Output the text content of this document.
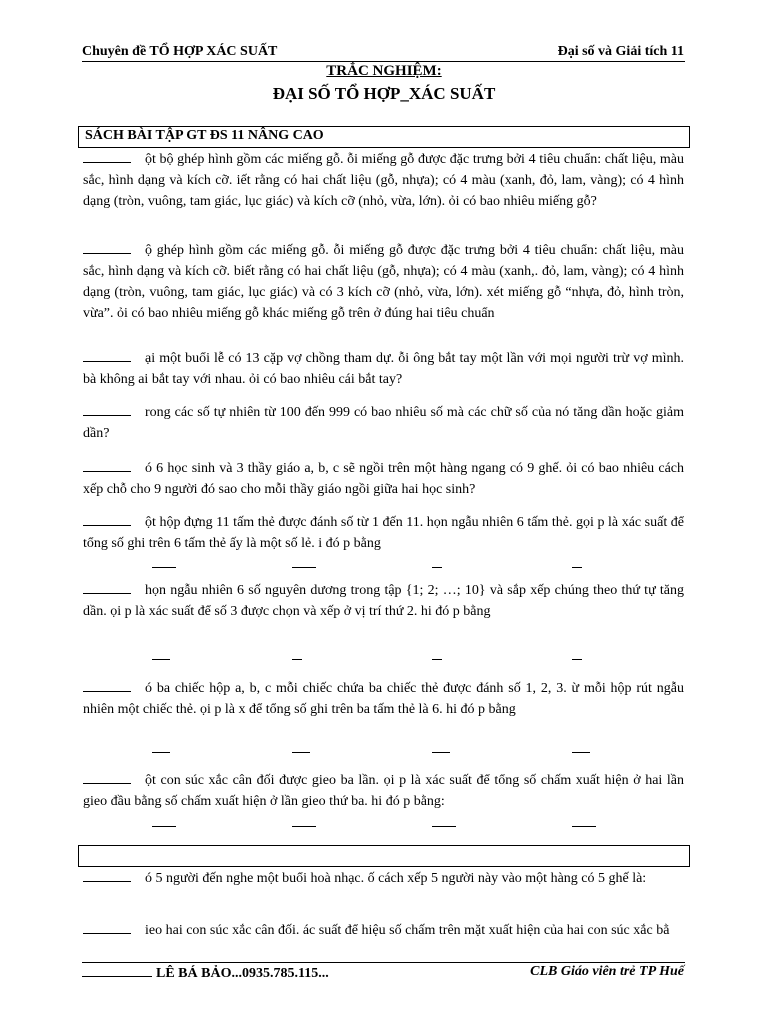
Chuyên đề TỔ HỢP XÁC SUẤT	Đại số và Giải tích 11
TRẮC NGHIỆM:
ĐẠI SỐ TỔ HỢP_XÁC SUẤT
SÁCH BÀI TẬP GT ĐS 11 NÂNG CAO
ột bộ ghép hình gồm các miếng gỗ. ỗi miếng gỗ được đặc trưng bởi 4 tiêu chuẩn: chất liệu, màu sắc, hình dạng và kích cỡ. iết rằng có hai chất liệu (gỗ, nhựa); có 4 màu (xanh, đỏ, lam, vàng); có 4 hình dạng (tròn, vuông, tam giác, lục giác) và kích cỡ (nhỏ, vừa, lớn). ỏi có bao nhiêu miếng gỗ?
ộ ghép hình gồm các miếng gỗ. ỗi miếng gỗ được đặc trưng bởi 4 tiêu chuẩn: chất liệu, màu sắc, hình dạng và kích cỡ. biết rằng có hai chất liệu (gỗ, nhựa); có 4 màu (xanh,. đỏ, lam, vàng); có 4 hình dạng (tròn, vuông, tam giác, lục giác) và có 3 kích cỡ (nhỏ, vừa, lớn). xét miếng gỗ “nhựa, đỏ, hình tròn, vừa”. ỏi có bao nhiêu miếng gỗ khác miếng gỗ trên ở đúng hai tiêu chuẩn
ại một buổi lễ có 13 cặp vợ chồng tham dự. ỗi ông bắt tay một lần với mọi người trừ vợ mình. bà không ai bắt tay với nhau. ỏi có bao nhiêu cái bắt tay?
rong các số tự nhiên từ 100 đến 999 có bao nhiêu số mà các chữ số của nó tăng dần hoặc giảm dần?
ó 6 học sinh và 3 thầy giáo a, b, c sẽ ngồi trên một hàng ngang có 9 ghế. ỏi có bao nhiêu cách xếp chỗ cho 9 người đó sao cho mỗi thầy giáo ngồi giữa hai học sinh?
ột hộp đựng 11 tấm thẻ được đánh số từ 1 đến 11. họn ngẫu nhiên 6 tấm thẻ. gọi p là xác suất để tổng số ghi trên 6 tấm thẻ ấy là một số lẻ. i đó p bằng
họn ngẫu nhiên 6 số nguyên dương trong tập {1; 2; …; 10} và sắp xếp chúng theo thứ tự tăng dần. ọi p là xác suất để số 3 được chọn và xếp ở vị trí thứ 2. hi đó p bằng
ó ba chiếc hộp a, b, c mỗi chiếc chứa ba chiếc thẻ được đánh số 1, 2, 3. ừ mỗi hộp rút ngẫu nhiên một chiếc thẻ. ọi p là x để tổng số ghi trên ba tấm thẻ là 6. hi đó p bằng
ột con súc xắc cân đối được gieo ba lần. ọi p là xác suất để tổng số chấm xuất hiện ở hai lần gieo đầu bằng số chấm xuất hiện ở lần gieo thứ ba. hi đó p bằng:
ó 5 người đến nghe một buổi hoà nhạc. ố cách xếp 5 người này vào một hàng có 5 ghế là:
ieo hai con súc xắc cân đối. ác suất để hiệu số chấm trên mặt xuất hiện của hai con súc xắc bằ
LÊ BÁ BẢO...0935.785.115...	CLB Giáo viên trẻ TP Huế
